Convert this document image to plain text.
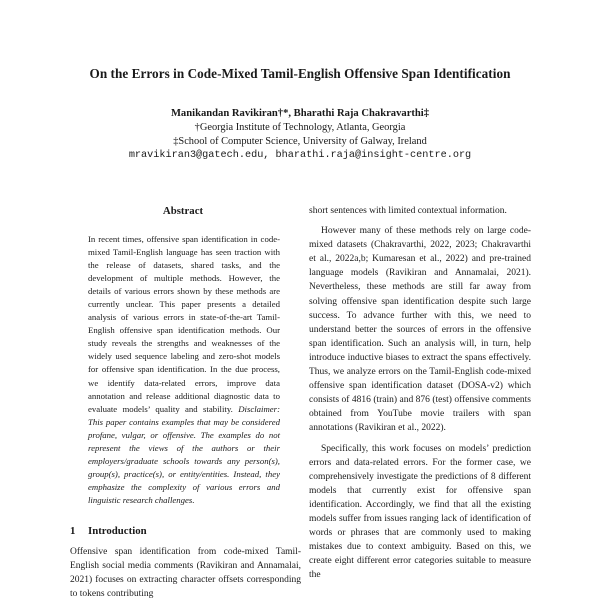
On the Errors in Code-Mixed Tamil-English Offensive Span Identification
Manikandan Ravikiran†*, Bharathi Raja Chakravarthi‡
†Georgia Institute of Technology, Atlanta, Georgia
‡School of Computer Science, University of Galway, Ireland
mravikiran3@gatech.edu, bharathi.raja@insight-centre.org
Abstract
In recent times, offensive span identification in code-mixed Tamil-English language has seen traction with the release of datasets, shared tasks, and the development of multiple methods. However, the details of various errors shown by these methods are currently unclear. This paper presents a detailed analysis of various errors in state-of-the-art Tamil-English offensive span identification methods. Our study reveals the strengths and weaknesses of the widely used sequence labeling and zero-shot models for offensive span identification. In the due process, we identify data-related errors, improve data annotation and release additional diagnostic data to evaluate models’ quality and stability. Disclaimer: This paper contains examples that may be considered profane, vulgar, or offensive. The examples do not represent the views of the authors or their employers/graduate schools towards any person(s), group(s), practice(s), or entity/entities. Instead, they emphasize the complexity of various errors and linguistic research challenges.
1 Introduction
Offensive span identification from code-mixed Tamil-English social media comments (Ravikiran and Annamalai, 2021) focuses on extracting character offsets corresponding to tokens contributing

short sentences with limited contextual information.

However many of these methods rely on large code-mixed datasets (Chakravarthi, 2022, 2023; Chakravarthi et al., 2022a,b; Kumaresan et al., 2022) and pre-trained language models (Ravikiran and Annamalai, 2021). Nevertheless, these methods are still far away from solving offensive span identification despite such large success. To advance further with this, we need to understand better the sources of errors in the offensive span identification. Such an analysis will, in turn, help introduce inductive biases to extract the spans effectively. Thus, we analyze errors on the Tamil-English code-mixed offensive span identification dataset (DOSA-v2) which consists of 4816 (train) and 876 (test) offensive comments obtained from YouTube movie trailers with span annotations (Ravikiran et al., 2022).

Specifically, this work focuses on models’ prediction errors and data-related errors. For the former case, we comprehensively investigate the predictions of 8 different models that currently exist for offensive span identification. Accordingly, we find that all the existing models suffer from issues ranging lack of identification of words or phrases that are commonly used to making mistakes due to context ambiguity. Based on this, we create eight different error categories suitable to measure the
